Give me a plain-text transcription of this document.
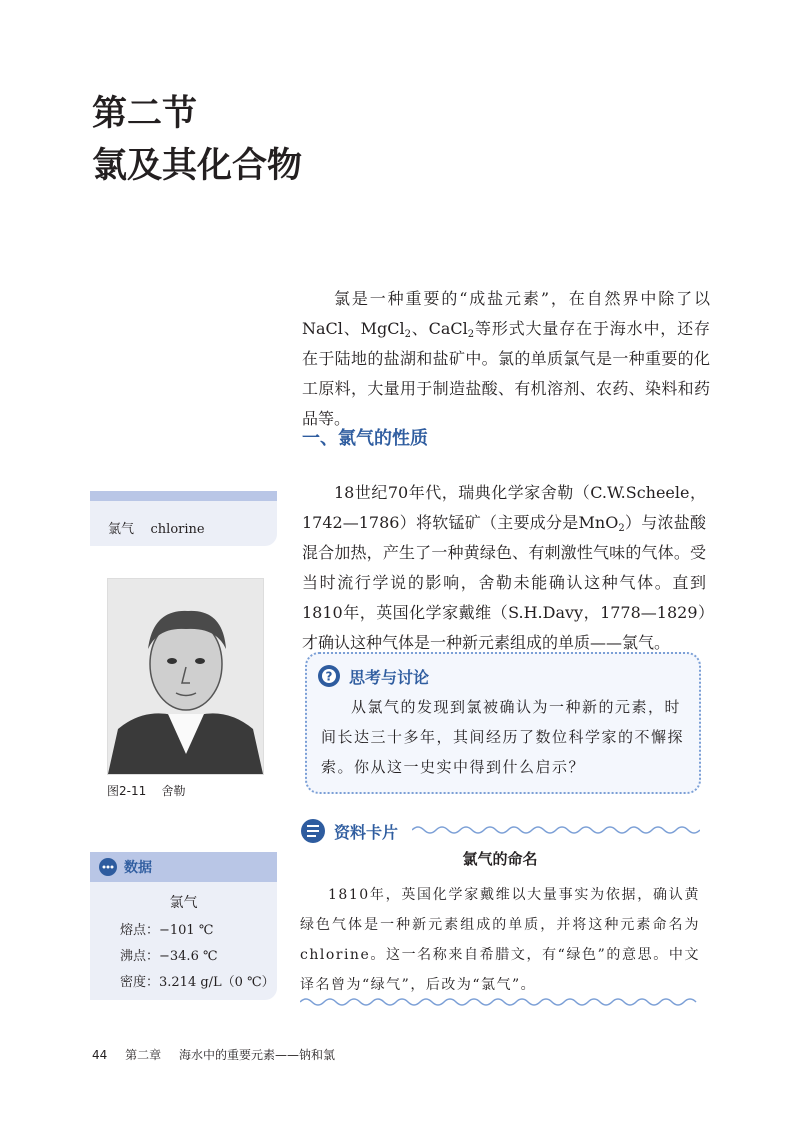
第二节
氯及其化合物

氯是一种重要的“成盐元素”，在自然界中除了以NaCl、MgCl$_2$、CaCl$_2$等形式大量存在于海水中，还存在于陆地的盐湖和盐矿中。氯的单质氯气是一种重要的化工原料，大量用于制造盐酸、有机溶剂、农药、染料和药品等。

一、氯气的性质

18世纪70年代，瑞典化学家舍勒（C.W.Scheele，1742—1786）将软锰矿（主要成分是MnO$_2$）与浓盐酸混合加热，产生了一种黄绿色、有刺激性气味的气体。受当时流行学说的影响，舍勒未能确认这种气体。直到1810年，英国化学家戴维（S.H.Davy，1778—1829）才确认这种气体是一种新元素组成的单质——氯气。

氯气    chlorine
图2-11    舍勒
? 思考与讨论

从氯气的发现到氯被确认为一种新的元素，时间长达三十多年，其间经历了数位科学家的不懈探索。你从这一史实中得到什么启示？

资料卡片
氯气的命名

1810年，英国化学家戴维以大量事实为依据，确认黄绿色气体是一种新元素组成的单质，并将这种元素命名为chlorine。这一名称来自希腊文，有“绿色”的意思。中文译名曾为“绿气”，后改为“氯气”。

数据
氯气
熔点：−101 ℃
沸点：−34.6 ℃
密度：3.214 g/L（0 ℃）
44 第二章 海水中的重要元素——钠和氯
